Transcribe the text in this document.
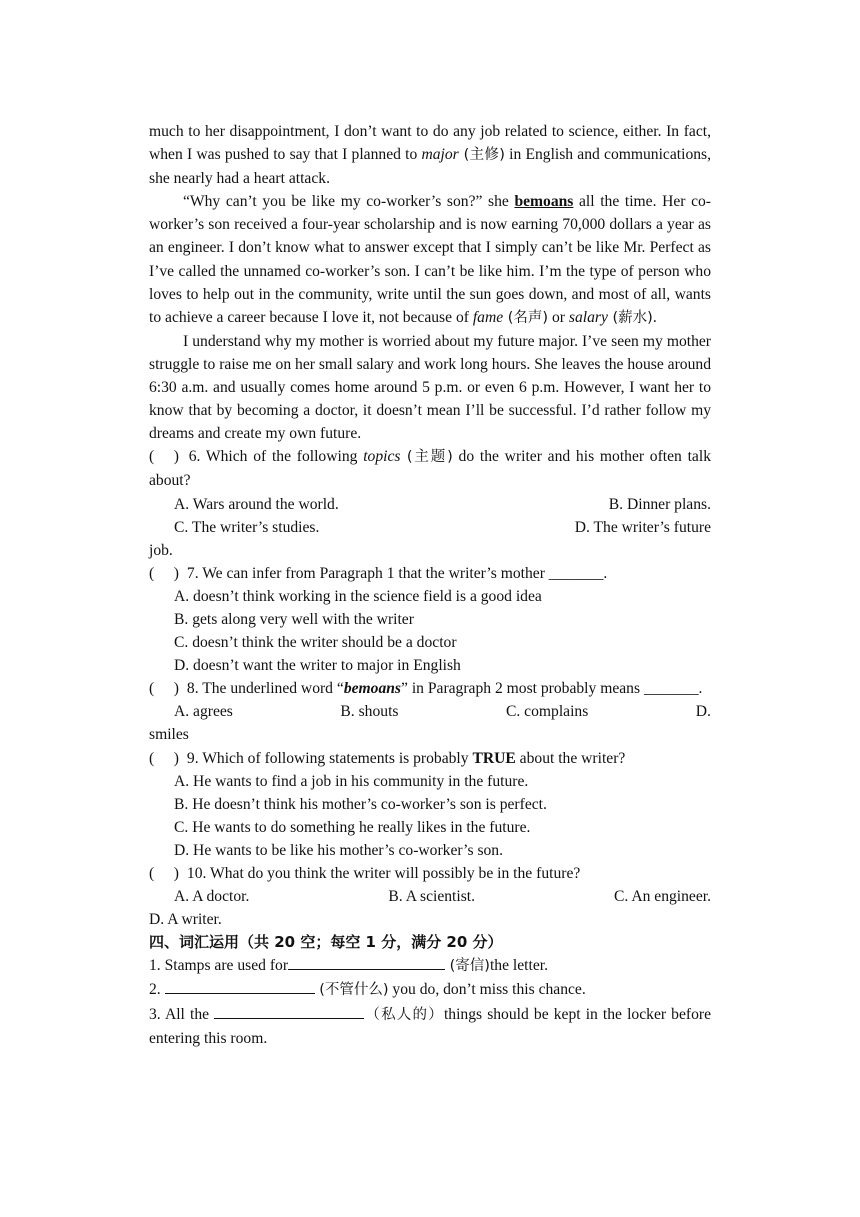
much to her disappointment, I don’t want to do any job related to science, either. In fact, when I was pushed to say that I planned to major (主修) in English and communications, she nearly had a heart attack.

“Why can’t you be like my co-worker’s son?” she bemoans all the time. Her co-worker’s son received a four-year scholarship and is now earning 70,000 dollars a year as an engineer. I don’t know what to answer except that I simply can’t be like Mr. Perfect as I’ve called the unnamed co-worker’s son. I can’t be like him. I’m the type of person who loves to help out in the community, write until the sun goes down, and most of all, wants to achieve a career because I love it, not because of fame (名声) or salary (薪水).

I understand why my mother is worried about my future major. I’ve seen my mother struggle to raise me on her small salary and work long hours. She leaves the house around 6:30 a.m. and usually comes home around 5 p.m. or even 6 p.m. However, I want her to know that by becoming a doctor, it doesn’t mean I’ll be successful. I’d rather follow my dreams and create my own future.

( ) 6. Which of the following topics (主题) do the writer and his mother often talk about?

A. Wars around the world.	B. Dinner plans.
C. The writer’s studies.	D. The writer’s future

job.

( ) 7. We can infer from Paragraph 1 that the writer’s mother _______.

A. doesn’t think working in the science field is a good idea

B. gets along very well with the writer

C. doesn’t think the writer should be a doctor

D. doesn’t want the writer to major in English

( ) 8. The underlined word “bemoans” in Paragraph 2 most probably means _______.

A. agrees	B. shouts	C. complains	D.

smiles

( ) 9. Which of following statements is probably TRUE about the writer?

A. He wants to find a job in his community in the future.

B. He doesn’t think his mother’s co-worker’s son is perfect.

C. He wants to do something he really likes in the future.

D. He wants to be like his mother’s co-worker’s son.

( ) 10. What do you think the writer will possibly be in the future?

A. A doctor.	B. A scientist.	C. An engineer.

D. A writer.

四、词汇运用（共 20 空；每空 1 分，满分 20 分）

1. Stamps are used for	(寄信)the letter.

2.	(不管什么) you do, don’t miss this chance.

3. All the	（私人的）things should be kept in the locker before entering this room.
